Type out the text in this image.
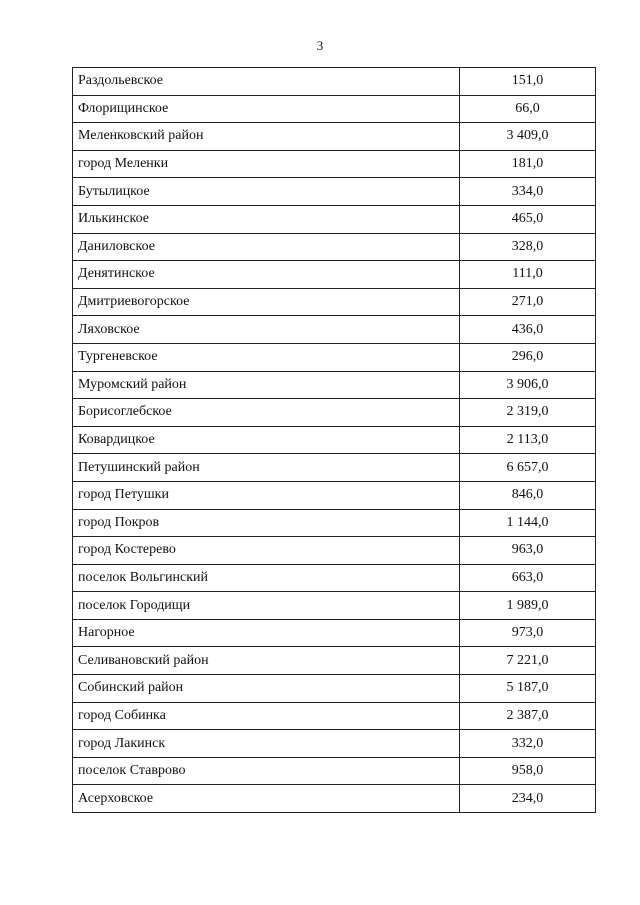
3
Раздольевское	151,0
Флорищинское	66,0
Меленковский район	3 409,0
город Меленки	181,0
Бутылицкое	334,0
Илькинское	465,0
Даниловское	328,0
Денятинское	111,0
Дмитриевогорское	271,0
Ляховское	436,0
Тургеневское	296,0
Муромский район	3 906,0
Борисоглебское	2 319,0
Ковардицкое	2 113,0
Петушинский район	6 657,0
город Петушки	846,0
город Покров	1 144,0
город Костерево	963,0
поселок Вольгинский	663,0
поселок Городищи	1 989,0
Нагорное	973,0
Селивановский район	7 221,0
Собинский район	5 187,0
город Собинка	2 387,0
город Лакинск	332,0
поселок Ставрово	958,0
Асерховское	234,0
